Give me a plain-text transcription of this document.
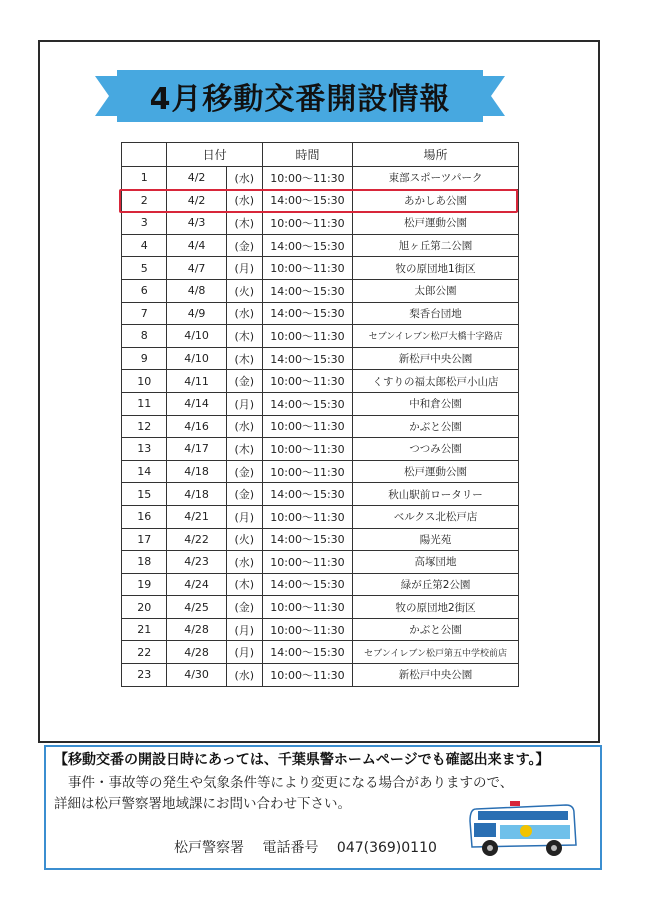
4月移動交番開設情報
	日付		時間	場所
1	4/2	(水)	10:00～11:30	東部スポーツパーク
2	4/2	(水)	14:00～15:30	あかしあ公園
3	4/3	(木)	10:00～11:30	松戸運動公園
4	4/4	(金)	14:00～15:30	旭ヶ丘第二公園
5	4/7	(月)	10:00～11:30	牧の原団地1街区
6	4/8	(火)	14:00～15:30	太郎公園
7	4/9	(水)	14:00～15:30	梨香台団地
8	4/10	(木)	10:00～11:30	セブンイレブン松戸大橋十字路店
9	4/10	(木)	14:00～15:30	新松戸中央公園
10	4/11	(金)	10:00～11:30	くすりの福太郎松戸小山店
11	4/14	(月)	14:00～15:30	中和倉公園
12	4/16	(水)	10:00～11:30	かぶと公園
13	4/17	(木)	10:00～11:30	つつみ公園
14	4/18	(金)	10:00～11:30	松戸運動公園
15	4/18	(金)	14:00～15:30	秋山駅前ロータリー
16	4/21	(月)	10:00～11:30	ベルクス北松戸店
17	4/22	(火)	14:00～15:30	陽光苑
18	4/23	(水)	10:00～11:30	高塚団地
19	4/24	(木)	14:00～15:30	緑が丘第2公園
20	4/25	(金)	10:00～11:30	牧の原団地2街区
21	4/28	(月)	10:00～11:30	かぶと公園
22	4/28	(月)	14:00～15:30	セブンイレブン松戸第五中学校前店
23	4/30	(水)	10:00～11:30	新松戸中央公園
【移動交番の開設日時にあっては、千葉県警ホームページでも確認出来ます。】
事件・事故等の発生や気象条件等により変更になる場合がありますので、
詳細は松戸警察署地域課にお問い合わせ下さい。
松戸警察署 電話番号 047(369)0110
